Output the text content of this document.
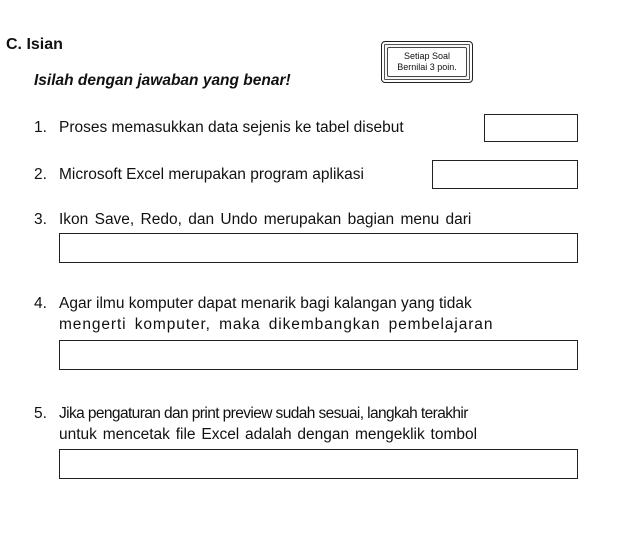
C. Isian
Isilah dengan jawaban yang benar!
Setiap Soal
Bernilai 3 poin.
1. Proses memasukkan data sejenis ke tabel disebut
2. Microsoft Excel merupakan program aplikasi
3. Ikon Save, Redo, dan Undo merupakan bagian menu dari
4. Agar ilmu komputer dapat menarik bagi kalangan yang tidak
mengerti komputer, maka dikembangkan pembelajaran
5. Jika pengaturan dan print preview sudah sesuai, langkah terakhir
untuk mencetak file Excel adalah dengan mengeklik tombol
